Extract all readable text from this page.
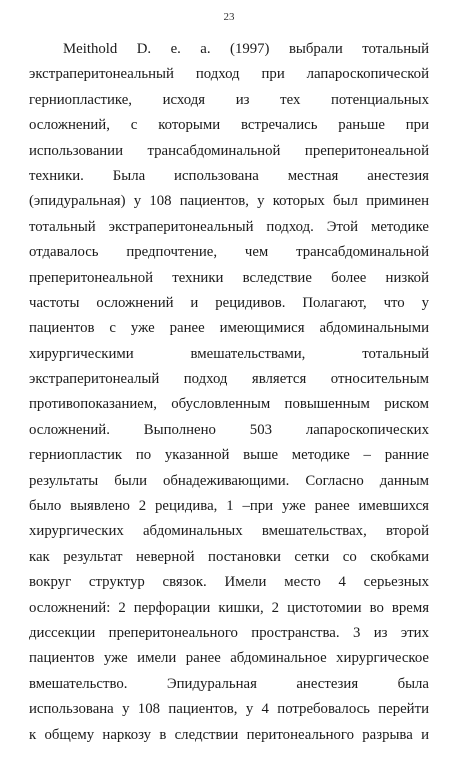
23
Meithold D. e. a. (1997) выбрали тотальный
экстраперитонеальный подход при лапароскопической
герниопластике, исходя из тех потенциальных
осложнений, с которыми встречались раньше при
использовании трансабдоминальной преперитонеальной
техники. Была использована местная анестезия
(эпидуральная) у 108 пациентов, у которых был приминен
тотальный экстраперитонеальный подход. Этой методике
отдавалось предпочтение, чем трансабдоминальной
преперитонеальной техники вследствие более низкой
частоты осложнений и рецидивов. Полагают, что у
пациентов с уже ранее имеющимися абдоминальными
хирургическими вмешательствами, тотальный
экстраперитонеалый подход является относительным
противопоказанием, обусловленным повышенным риском
осложнений. Выполнено 503 лапароскопических
герниопластик по указанной выше методике – ранние
результаты были обнадеживающими. Согласно данным
было выявлено 2 рецидива, 1 –при уже ранее имевшихся
хирургических абдоминальных вмешательствах, второй
как результат неверной постановки сетки со скобками
вокруг структур связок. Имели место 4 серьезных
осложнений: 2 перфорации кишки, 2 цистотомии во время
диссекции преперитонеального пространства. 3 из этих
пациентов уже имели ранее абдоминальное хирургическое
вмешательство. Эпидуральная анестезия была
использована у 108 пациентов, у 4 потребовалось перейти
к общему наркозу в следствии перитонеального разрыва и
